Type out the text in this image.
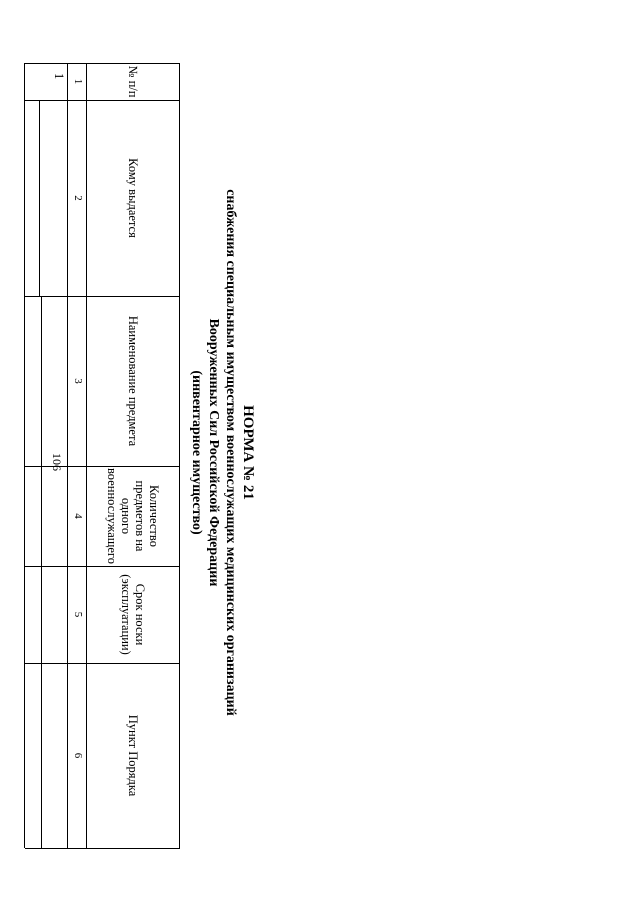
106	НОРМА № 21
снабжения специальным имуществом военнослужащих медицинских организаций
Вооруженных Сил Российской Федерации
(инвентарное имущество)
№ п/п
Кому выдается
Наименование предмета
Количество предметов на одного военнослужащего
Срок носки (эксплуатации)
Пункт Порядка
1
2
3
4
5
6
1
